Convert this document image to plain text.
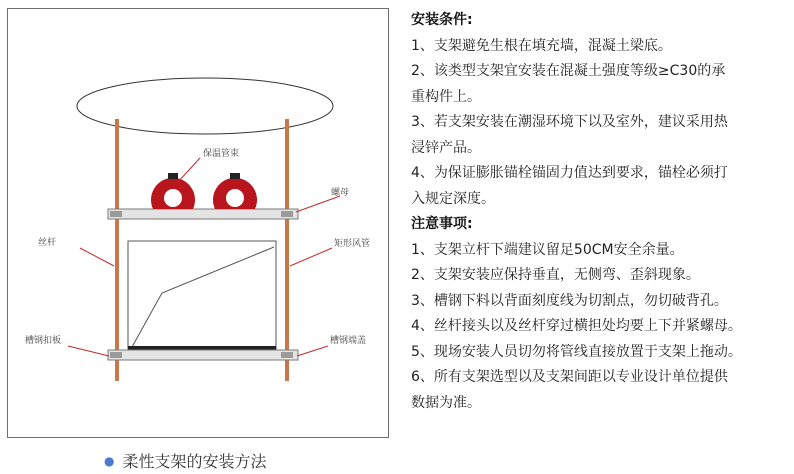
保温管束
螺母
丝杆	矩形风管
槽钢扣板	槽钢端盖
● 柔性支架的安装方法
安装条件:
1、支架避免生根在填充墙，混凝土梁底。
2、该类型支架宜安装在混凝土强度等级≥C30的承
重构件上。
3、若支架安装在潮湿环境下以及室外，建议采用热
浸锌产品。
4、为保证膨胀锚栓锚固力值达到要求，锚栓必须打
入规定深度。
注意事项:
1、支架立杆下端建议留足50CM安全余量。
2、支架安装应保持垂直，无侧弯、歪斜现象。
3、槽钢下料以背面刻度线为切割点，勿切破背孔。
4、丝杆接头以及丝杆穿过横担处均要上下并紧螺母。
5、现场安装人员切勿将管线直接放置于支架上拖动。
6、所有支架选型以及支架间距以专业设计单位提供
数据为准。
